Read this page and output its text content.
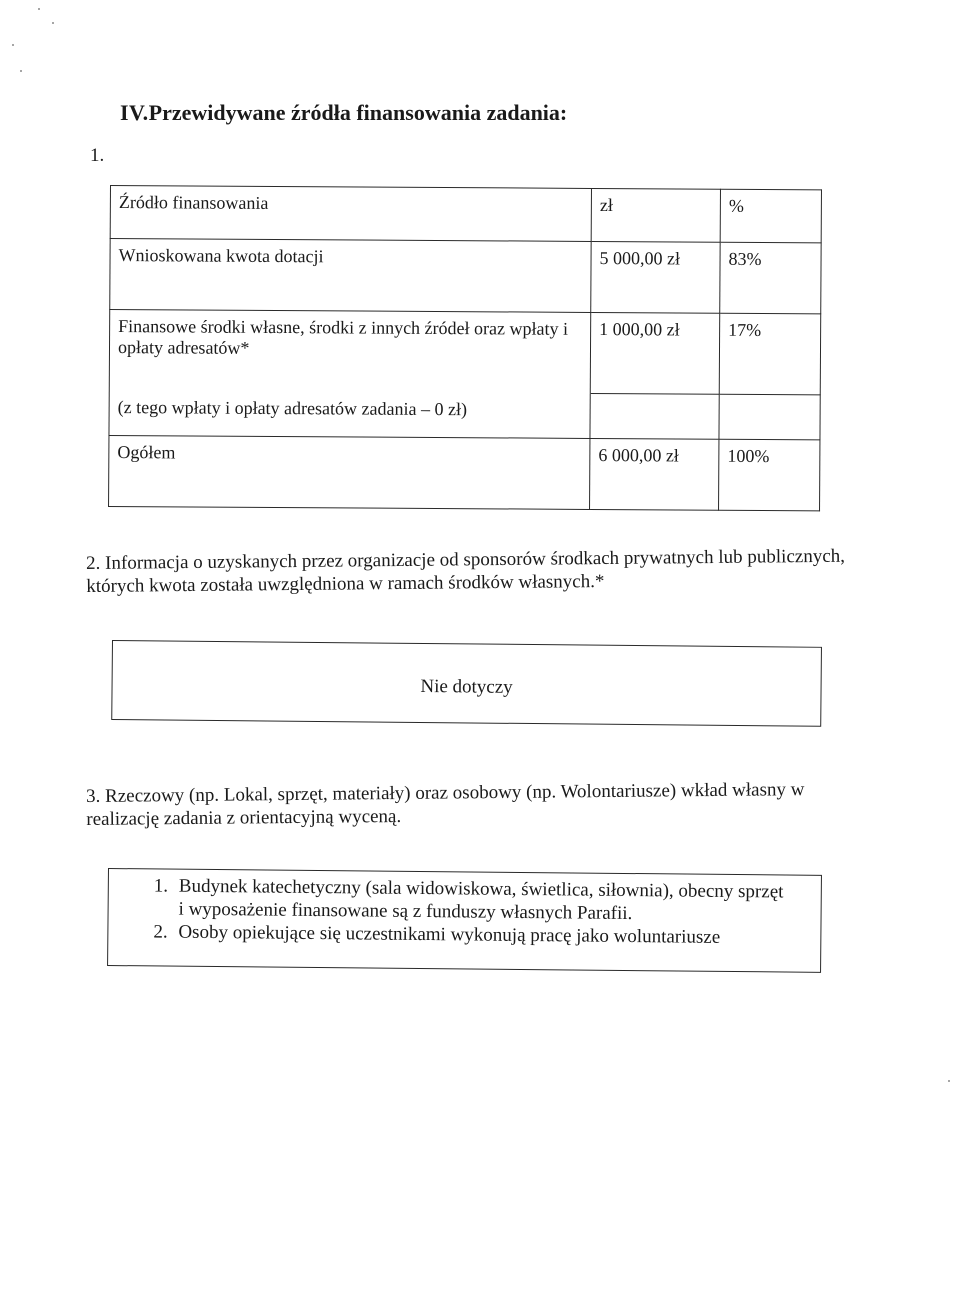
IV.Przewidywane źródła finansowania zadania:
1.
Źródło finansowania	zł	%
Wnioskowana kwota dotacji	5 000,00 zł	83%
Finansowe środki własne, środki z innych źródeł oraz wpłaty i opłaty adresatów*	1 000,00 zł	17%
(z tego wpłaty i opłaty adresatów zadania – 0 zł)		
Ogółem	6 000,00 zł	100%

2. Informacja o uzyskanych przez organizacje od sponsorów środkach prywatnych lub publicznych, których kwota została uwzględniona w ramach środków własnych.*

Nie dotyczy

3. Rzeczowy (np. Lokal, sprzęt, materiały) oraz osobowy (np. Wolontariusze) wkład własny w realizację zadania z orientacyjną wyceną.

1. Budynek katechetyczny (sala widowiskowa, świetlica, siłownia), obecny sprzęt i wyposażenie finansowane są z funduszy własnych Parafii.
2. Osoby opiekujące się uczestnikami wykonują pracę jako woluntariusze
